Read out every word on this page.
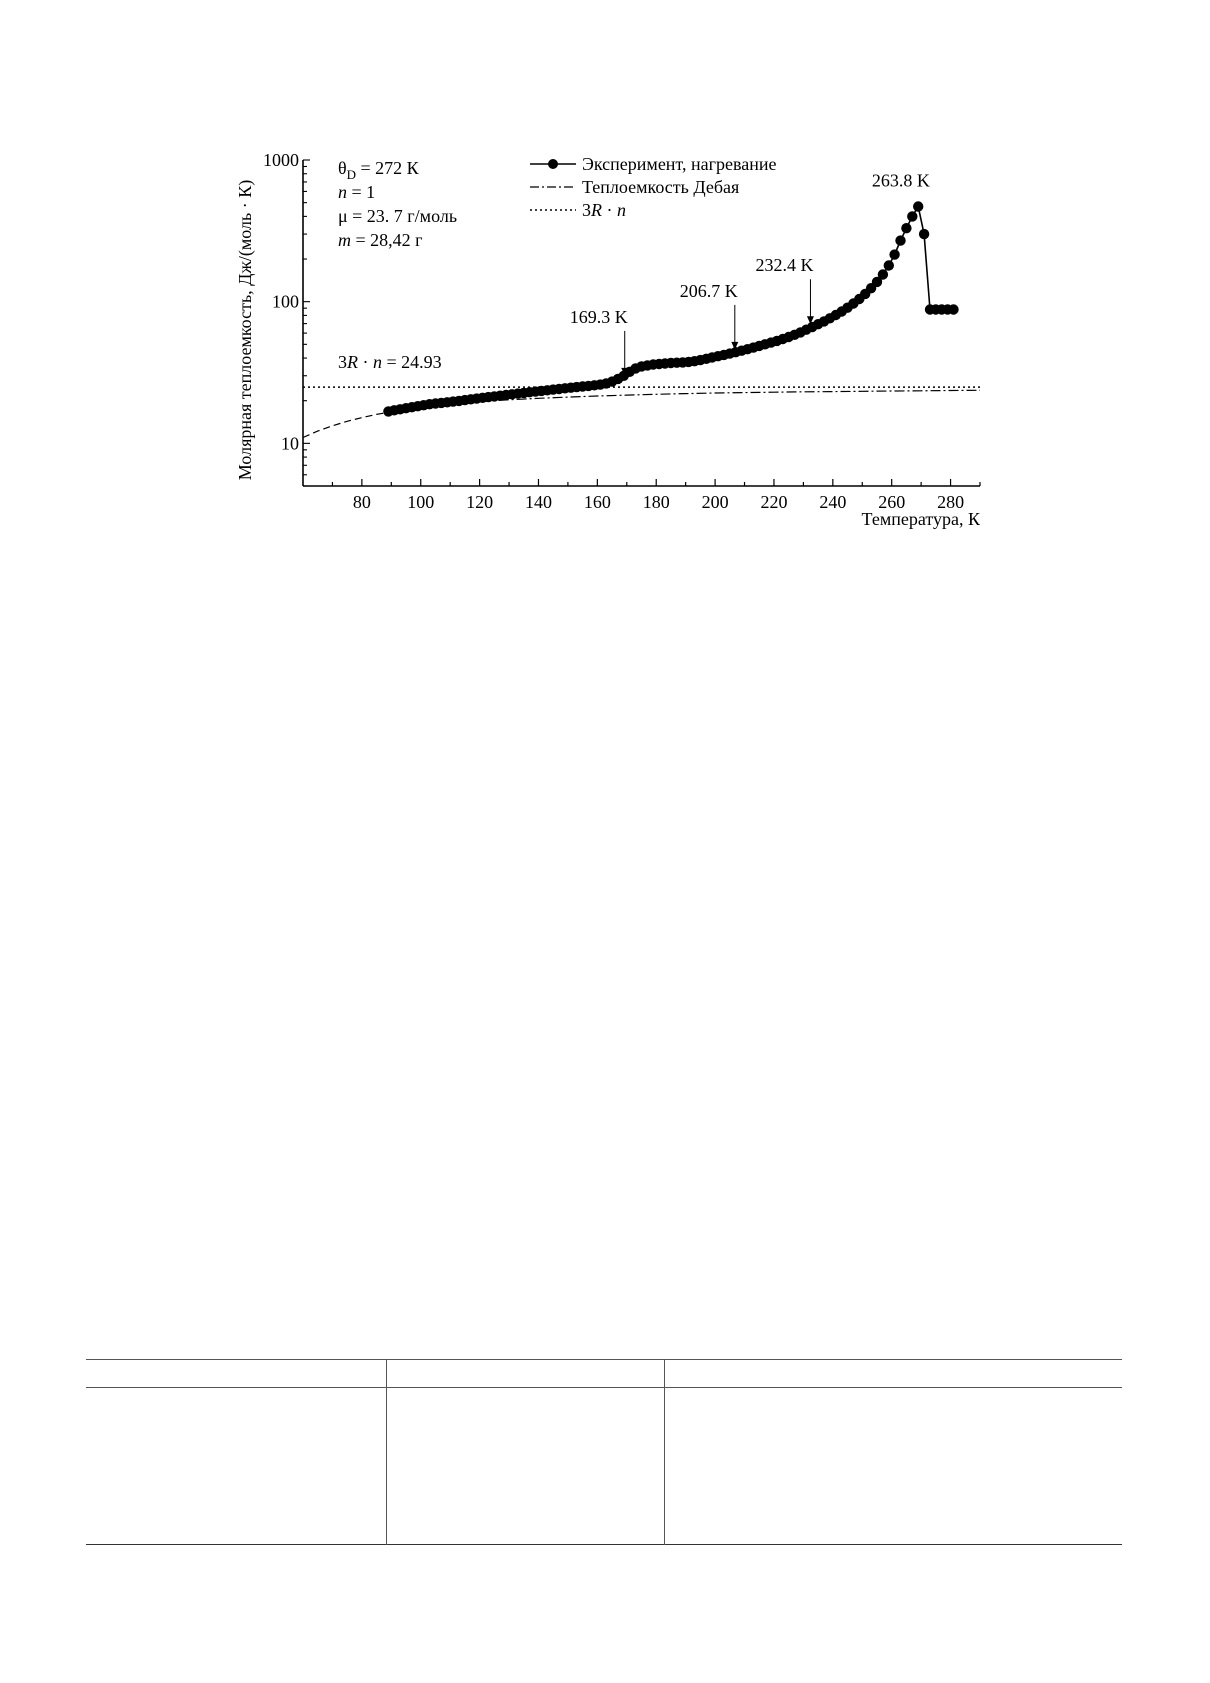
10
100
1000
80 100 120 140 160 180 200 220 240 260 280
Температура, К
Молярная теплоемкость, Дж/(моль · К)	169.3 K
206.7 K
232.4 K
263.8 K
$\theta_D = 272$ К
n = 1
μ = 23. 7 г/моль
m = 28,42 г
Эксперимент, нагревание
Теплоемкость Дебая
3R · n
3R · n = 24.93
